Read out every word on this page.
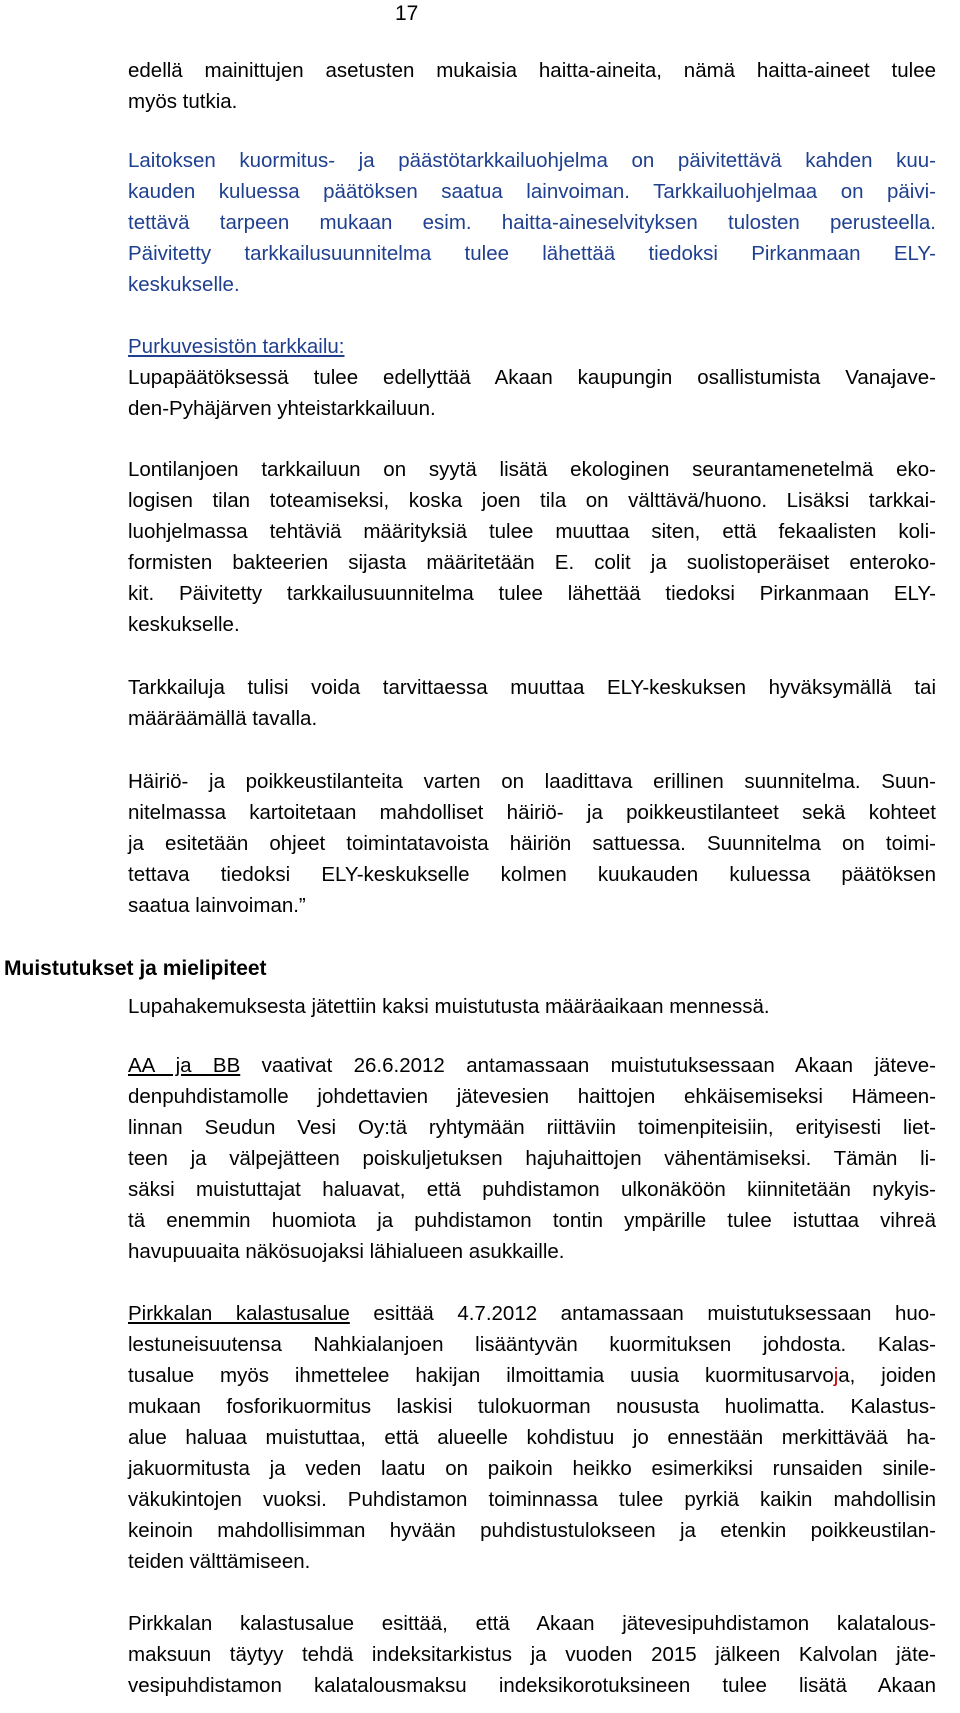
17
edellä mainittujen asetusten mukaisia haitta-aineita, nämä haitta-aineet tulee
myös tutkia.
Laitoksen kuormitus- ja päästötarkkailuohjelma on päivitettävä kahden kuu-
kauden kuluessa päätöksen saatua lainvoiman. Tarkkailuohjelmaa on päivi-
tettävä tarpeen mukaan esim. haitta-aineselvityksen tulosten perusteella.
Päivitetty tarkkailusuunnitelma tulee lähettää tiedoksi Pirkanmaan ELY-
keskukselle.
Purkuvesistön tarkkailu:
Lupapäätöksessä tulee edellyttää Akaan kaupungin osallistumista Vanajave-
den-Pyhäjärven yhteistarkkailuun.
Lontilanjoen tarkkailuun on syytä lisätä ekologinen seurantamenetelmä eko-
logisen tilan toteamiseksi, koska joen tila on välttävä/huono. Lisäksi tarkkai-
luohjelmassa tehtäviä määrityksiä tulee muuttaa siten, että fekaalisten koli-
formisten bakteerien sijasta määritetään E. colit ja suolistoperäiset enteroko-
kit. Päivitetty tarkkailusuunnitelma tulee lähettää tiedoksi Pirkanmaan ELY-
keskukselle.
Tarkkailuja tulisi voida tarvittaessa muuttaa ELY-keskuksen hyväksymällä tai
määräämällä tavalla.
Häiriö- ja poikkeustilanteita varten on laadittava erillinen suunnitelma. Suun-
nitelmassa kartoitetaan mahdolliset häiriö- ja poikkeustilanteet sekä kohteet
ja esitetään ohjeet toimintatavoista häiriön sattuessa. Suunnitelma on toimi-
tettava tiedoksi ELY-keskukselle kolmen kuukauden kuluessa päätöksen
saatua lainvoiman.”
Muistutukset ja mielipiteet
Lupahakemuksesta jätettiin kaksi muistutusta määräaikaan mennessä.
AA ja BB vaativat 26.6.2012 antamassaan muistutuksessaan Akaan jäteve-
denpuhdistamolle johdettavien jätevesien haittojen ehkäisemiseksi Hämeen-
linnan Seudun Vesi Oy:tä ryhtymään riittäviin toimenpiteisiin, erityisesti liet-
teen ja välpejätteen poiskuljetuksen hajuhaittojen vähentämiseksi. Tämän li-
säksi muistuttajat haluavat, että puhdistamon ulkonäköön kiinnitetään nykyis-
tä enemmin huomiota ja puhdistamon tontin ympärille tulee istuttaa vihreä
havupuuaita näkösuojaksi lähialueen asukkaille.
Pirkkalan kalastusalue esittää 4.7.2012 antamassaan muistutuksessaan huo-
lestuneisuutensa Nahkialanjoen lisääntyvän kuormituksen johdosta. Kalas-
tusalue myös ihmettelee hakijan ilmoittamia uusia kuormitusarvoja, joiden
mukaan fosforikuormitus laskisi tulokuorman noususta huolimatta. Kalastus-
alue haluaa muistuttaa, että alueelle kohdistuu jo ennestään merkittävää ha-
jakuormitusta ja veden laatu on paikoin heikko esimerkiksi runsaiden sinile-
väkukintojen vuoksi. Puhdistamon toiminnassa tulee pyrkiä kaikin mahdollisin
keinoin mahdollisimman hyvään puhdistustulokseen ja etenkin poikkeustilan-
teiden välttämiseen.
Pirkkalan kalastusalue esittää, että Akaan jätevesipuhdistamon kalatalous-
maksuun täytyy tehdä indeksitarkistus ja vuoden 2015 jälkeen Kalvolan jäte-
vesipuhdistamon kalatalousmaksu indeksikorotuksineen tulee lisätä Akaan
